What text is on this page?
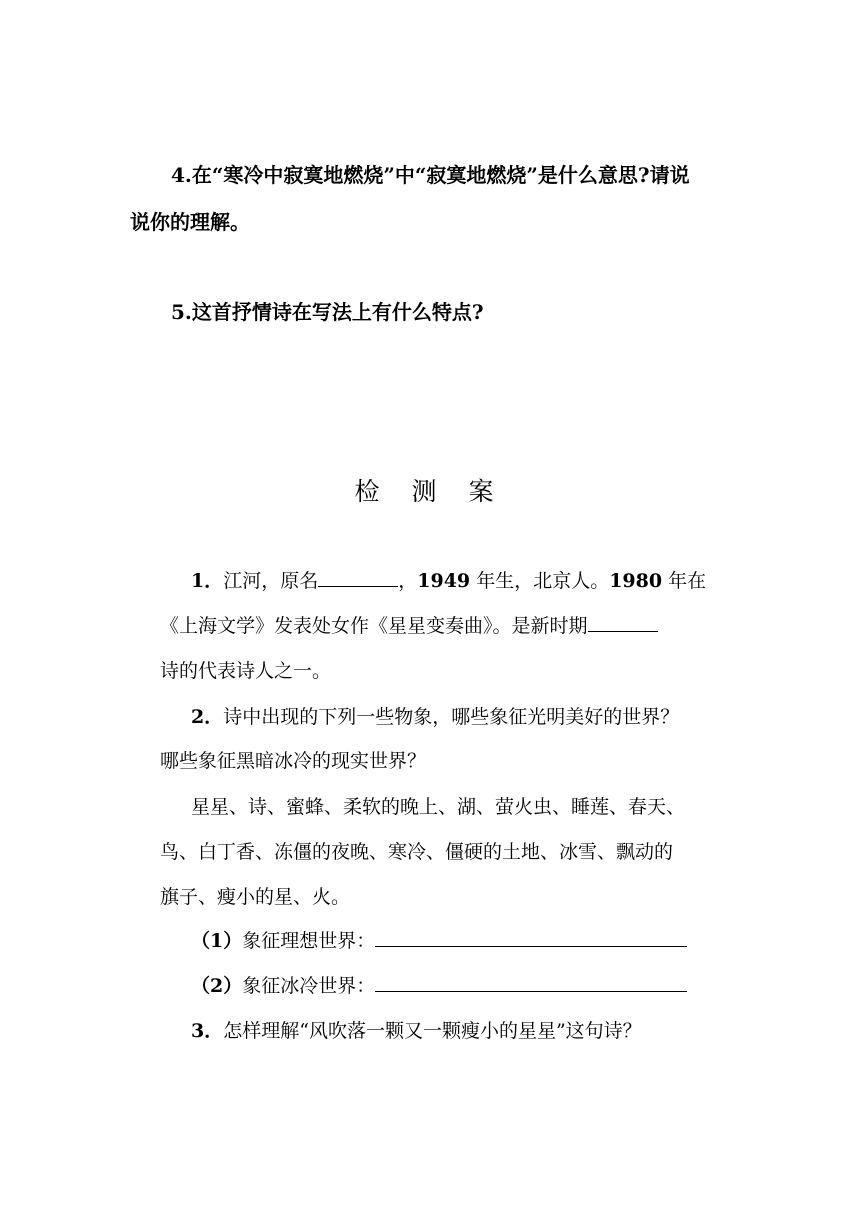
4.在“寒冷中寂寞地燃烧”中“寂寞地燃烧”是什么意思?请说
说你的理解。
5.这首抒情诗在写法上有什么特点?
检 测 案
1．江河，原名	，1949 年生，北京人。1980 年在
《上海文学》发表处女作《星星变奏曲》。是新时期
诗的代表诗人之一。
2．诗中出现的下列一些物象，哪些象征光明美好的世界？
哪些象征黑暗冰冷的现实世界？
星星、诗、蜜蜂、柔软的晚上、湖、萤火虫、睡莲、春天、
鸟、白丁香、冻僵的夜晚、寒冷、僵硬的土地、冰雪、飘动的
旗子、瘦小的星、火。
（1）象征理想世界：
（2）象征冰冷世界：
3．怎样理解“风吹落一颗又一颗瘦小的星星”这句诗？
